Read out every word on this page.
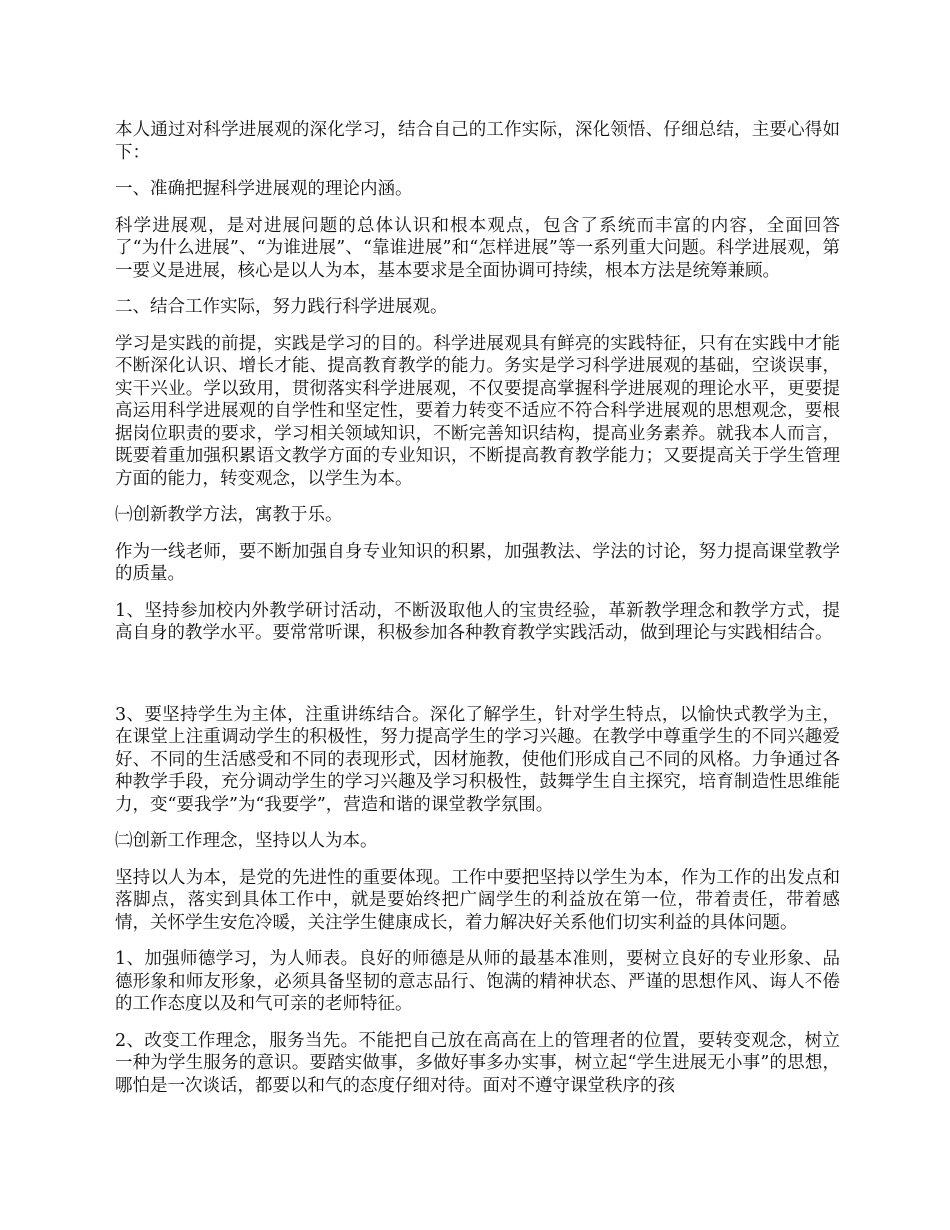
本人通过对科学进展观的深化学习，结合自己的工作实际，深化领悟、仔细总结，主要心得如下：

一、准确把握科学进展观的理论内涵。

科学进展观，是对进展问题的总体认识和根本观点，包含了系统而丰富的内容，全面回答了“为什么进展”、“为谁进展”、“靠谁进展”和“怎样进展”等一系列重大问题。科学进展观，第一要义是进展，核心是以人为本，基本要求是全面协调可持续，根本方法是统筹兼顾。

二、结合工作实际，努力践行科学进展观。

学习是实践的前提，实践是学习的目的。科学进展观具有鲜亮的实践特征，只有在实践中才能不断深化认识、增长才能、提高教育教学的能力。务实是学习科学进展观的基础，空谈误事，实干兴业。学以致用，贯彻落实科学进展观，不仅要提高掌握科学进展观的理论水平，更要提高运用科学进展观的自学性和坚定性，要着力转变不适应不符合科学进展观的思想观念，要根据岗位职责的要求，学习相关领域知识，不断完善知识结构，提高业务素养。就我本人而言，既要着重加强积累语文教学方面的专业知识，不断提高教育教学能力；又要提高关于学生管理方面的能力，转变观念，以学生为本。

㈠创新教学方法，寓教于乐。

作为一线老师，要不断加强自身专业知识的积累，加强教法、学法的讨论，努力提高课堂教学的质量。

1、坚持参加校内外教学研讨活动，不断汲取他人的宝贵经验，革新教学理念和教学方式，提高自身的教学水平。要常常听课，积极参加各种教育教学实践活动，做到理论与实践相结合。

3、要坚持学生为主体，注重讲练结合。深化了解学生，针对学生特点，以愉快式教学为主，在课堂上注重调动学生的积极性，努力提高学生的学习兴趣。在教学中尊重学生的不同兴趣爱好、不同的生活感受和不同的表现形式，因材施教，使他们形成自己不同的风格。力争通过各种教学手段，充分调动学生的学习兴趣及学习积极性，鼓舞学生自主探究，培育制造性思维能力，变“要我学”为“我要学”，营造和谐的课堂教学氛围。

㈡创新工作理念，坚持以人为本。

坚持以人为本，是党的先进性的重要体现。工作中要把坚持以学生为本，作为工作的出发点和落脚点，落实到具体工作中，就是要始终把广阔学生的利益放在第一位，带着责任，带着感情，关怀学生安危冷暖，关注学生健康成长，着力解决好关系他们切实利益的具体问题。

1、加强师德学习，为人师表。良好的师德是从师的最基本准则，要树立良好的专业形象、品德形象和师友形象，必须具备坚韧的意志品行、饱满的精神状态、严谨的思想作风、诲人不倦的工作态度以及和气可亲的老师特征。

2、改变工作理念，服务当先。不能把自己放在高高在上的管理者的位置，要转变观念，树立一种为学生服务的意识。要踏实做事，多做好事多办实事，树立起“学生进展无小事”的思想，哪怕是一次谈话，都要以和气的态度仔细对待。面对不遵守课堂秩序的孩
